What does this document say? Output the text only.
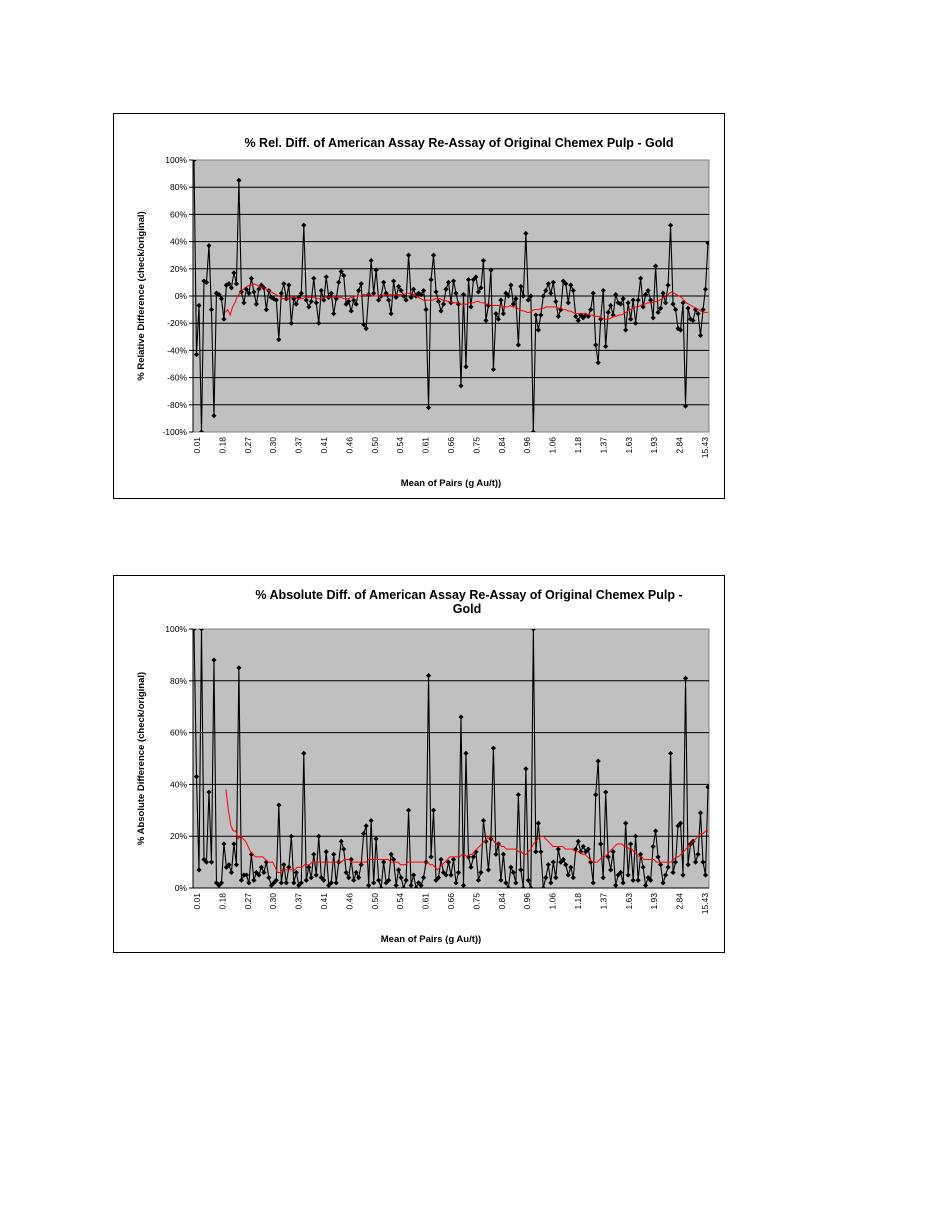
% Rel. Diff. of American Assay Re-Assay of Original Chemex Pulp - Gold
-100%
-80%
-60%
-40%
-20%
0%
20%
40%
60%
80%
100%
0.01 0.18 0.27 0.30 0.37 0.41 0.46 0.50 0.54 0.61 0.66 0.75 0.84 0.96 1.06 1.18 1.37 1.63 1.93 2.84 15.43
Mean of Pairs (g Au/t))
% Relative Difference (check/original)
% Absolute Diff. of American Assay Re-Assay of Original Chemex Pulp -
Gold
0%
20%
40%
60%
80%
100%
0.01 0.18 0.27 0.30 0.37 0.41 0.46 0.50 0.54 0.61 0.66 0.75 0.84 0.96 1.06 1.18 1.37 1.63 1.93 2.84 15.43
Mean of Pairs (g Au/t))
% Absolute Difference (check/original)
